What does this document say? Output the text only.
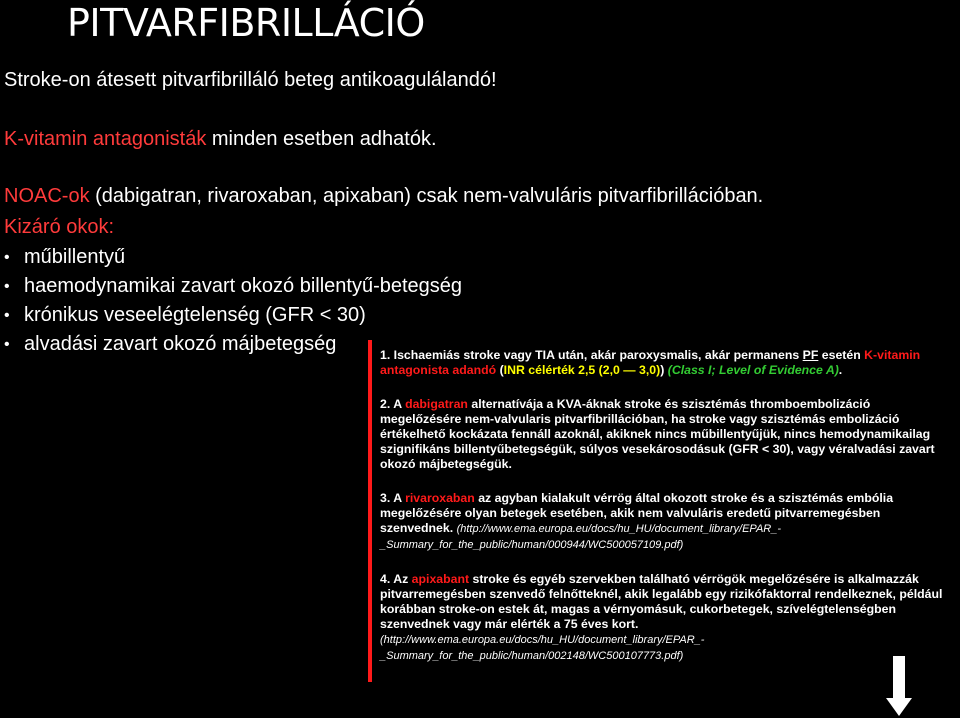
PITVARFIBRILLÁCIÓ
Stroke-on átesett pitvarfibrilláló beteg antikoagulálandó!
K-vitamin antagonisták minden esetben adhatók.
NOAC-ok (dabigatran, rivaroxaban, apixaban) csak nem-valvuláris pitvarfibrillációban.
Kizáró okok:
• műbillentyű
• haemodynamikai zavart okozó billentyű-betegség
• krónikus veseelégtelenség (GFR < 30)
• alvadási zavart okozó májbetegség	1. Ischaemiás stroke vagy TIA után, akár paroxysmalis, akár permanens PF esetén K-vitamin antagonista adandó (INR célérték 2,5 (2,0 — 3,0)) (Class I; Level of Evidence A).

2. A dabigatran alternatívája a KVA-áknak stroke és szisztémás thromboembolizáció megelőzésére nem-valvularis pitvarfibrillációban, ha stroke vagy szisztémás embolizáció értékelhető kockázata fennáll azoknál, akiknek nincs műbillentyűjük, nincs hemodynamikailag szignifikáns billentyűbetegségük, súlyos vesekárosodásuk (GFR < 30), vagy véralvadási zavart okozó májbetegségük.

3. A rivaroxaban az agyban kialakult vérrög által okozott stroke és a szisztémás embólia megelőzésére olyan betegek esetében, akik nem valvuláris eredetű pitvarremegésben szenvednek. (http://www.ema.europa.eu/docs/hu_HU/document_library/EPAR_-_Summary_for_the_public/human/000944/WC500057109.pdf)

4. Az apixabant stroke és egyéb szervekben található vérrögök megelőzésére is alkalmazzák pitvarremegésben szenvedő felnőtteknél, akik legalább egy rizikófaktorral rendelkeznek, például korábban stroke-on estek át, magas a vérnyomásuk, cukorbetegek, szívelégtelenségben szenvednek vagy már elérték a 75 éves kort.
(http://www.ema.europa.eu/docs/hu_HU/document_library/EPAR_-_Summary_for_the_public/human/002148/WC500107773.pdf)
